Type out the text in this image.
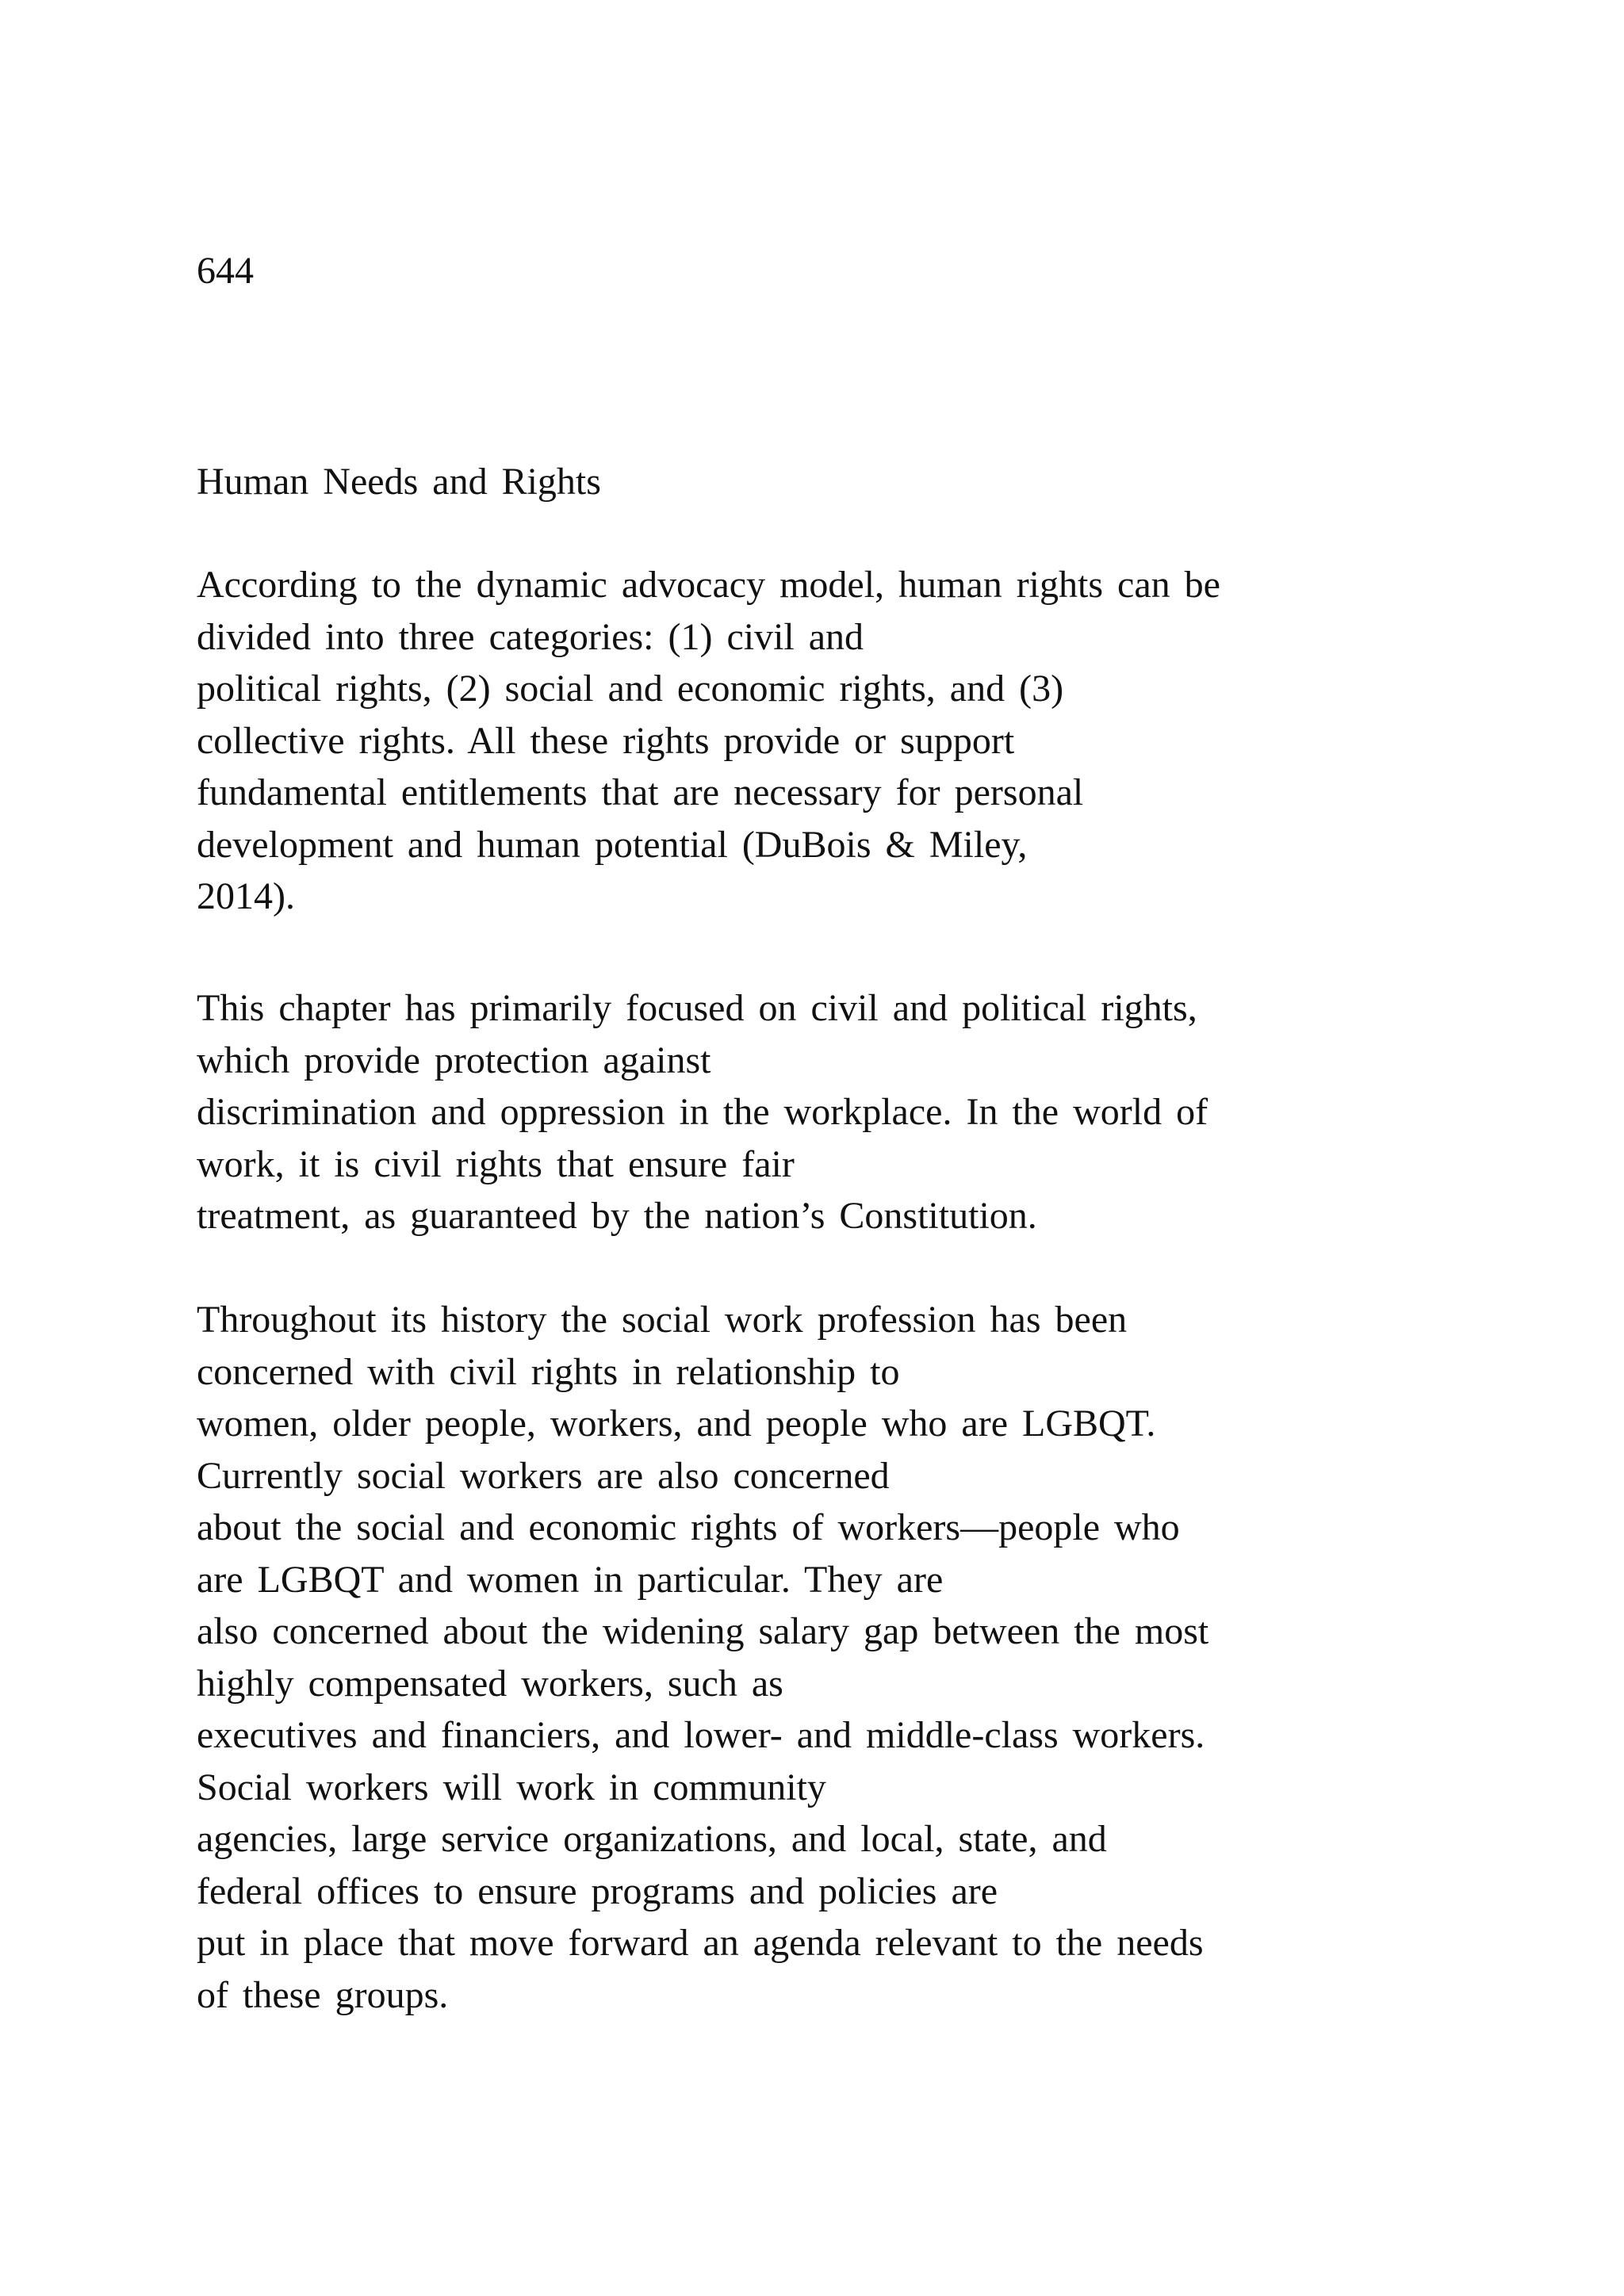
644
Human Needs and Rights
According to the dynamic advocacy model, human rights can be
divided into three categories: (1) civil and
political rights, (2) social and economic rights, and (3)
collective rights. All these rights provide or support
fundamental entitlements that are necessary for personal
development and human potential (DuBois & Miley,
2014).
This chapter has primarily focused on civil and political rights,
which provide protection against
discrimination and oppression in the workplace. In the world of
work, it is civil rights that ensure fair
treatment, as guaranteed by the nation’s Constitution.
Throughout its history the social work profession has been
concerned with civil rights in relationship to
women, older people, workers, and people who are LGBQT.
Currently social workers are also concerned
about the social and economic rights of workers—people who
are LGBQT and women in particular. They are
also concerned about the widening salary gap between the most
highly compensated workers, such as
executives and financiers, and lower- and middle-class workers.
Social workers will work in community
agencies, large service organizations, and local, state, and
federal offices to ensure programs and policies are
put in place that move forward an agenda relevant to the needs
of these groups.
